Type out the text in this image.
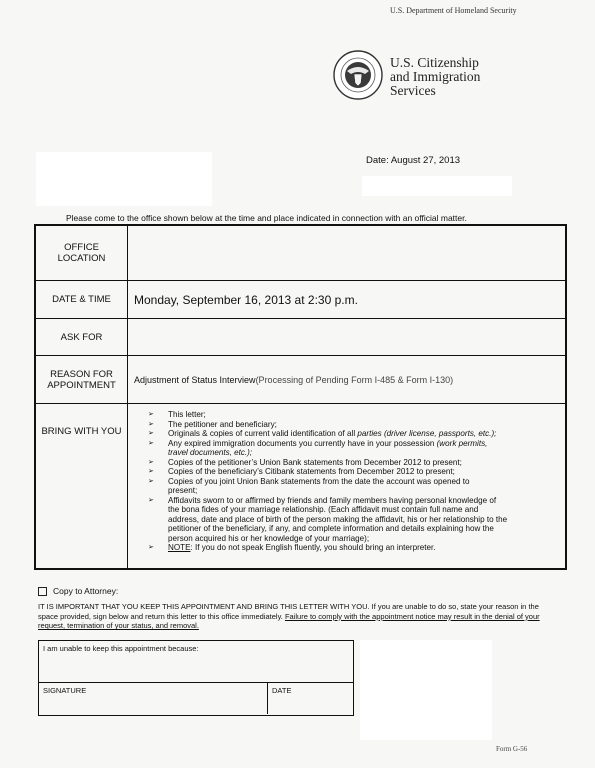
U.S. Department of Homeland Security
U.S. Citizenship
and Immigration
Services
Date: August 27, 2013
Please come to the office shown below at the time and place indicated in connection with an official matter.
OFFICE LOCATION
DATE & TIME	Monday, September 16, 2013 at 2:30 p.m.
ASK FOR
REASON FOR APPOINTMENT	Adjustment of Status Interview (Processing of Pending Form I-485 & Form I-130)
BRING WITH YOU
➢ This letter;
➢ The petitioner and beneficiary;
➢ Originals & copies of current valid identification of all parties (driver license, passports, etc.);
➢ Any expired immigration documents you currently have in your possession (work permits,
travel documents, etc.);
➢ Copies of the petitioner’s Union Bank statements from December 2012 to present;
➢ Copies of the beneficiary’s Citibank statements from December 2012 to present;
➢ Copies of you joint Union Bank statements from the date the account was opened to
present;
➢ Affidavits sworn to or affirmed by friends and family members having personal knowledge of
the bona fides of your marriage relationship. (Each affidavit must contain full name and
address, date and place of birth of the person making the affidavit, his or her relationship to the
petitioner of the beneficiary, if any, and complete information and details explaining how the
person acquired his or her knowledge of your marriage);
➢ NOTE: If you do not speak English fluently, you should bring an interpreter.
Copy to Attorney:
IT IS IMPORTANT THAT YOU KEEP THIS APPOINTMENT AND BRING THIS LETTER WITH YOU. If you are unable to do so, state your reason in the space provided, sign below and return this letter to this office immediately. Failure to comply with the appointment notice may result in the denial of your request, termination of your status, and removal.
I am unable to keep this appointment because:
SIGNATURE	DATE
Form G-56
